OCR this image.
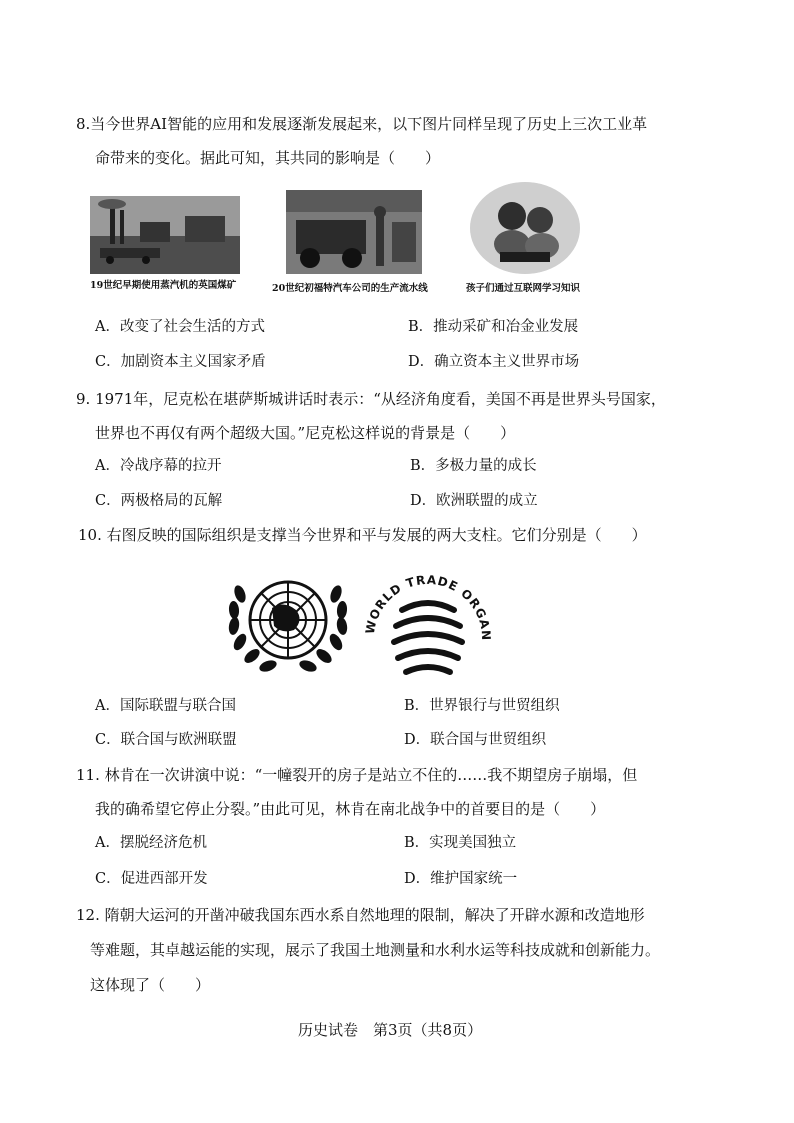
8.当今世界AI智能的应用和发展逐渐发展起来，以下图片同样呈现了历史上三次工业革
命带来的变化。据此可知，其共同的影响是（　　）
19世纪早期使用蒸汽机的英国煤矿	20世纪初福特汽车公司的生产流水线	孩子们通过互联网学习知识
A．改变了社会生活的方式	B．推动采矿和冶金业发展
C．加剧资本主义国家矛盾	D．确立资本主义世界市场
9. 1971年，尼克松在堪萨斯城讲话时表示：“从经济角度看，美国不再是世界头号国家，
世界也不再仅有两个超级大国。”尼克松这样说的背景是（　　）
A．冷战序幕的拉开	B．多极力量的成长
C．两极格局的瓦解	D．欧洲联盟的成立
10. 右图反映的国际组织是支撑当今世界和平与发展的两大支柱。它们分别是（　　）
WORLD TRADE ORGAN
A．国际联盟与联合国	B．世界银行与世贸组织
C．联合国与欧洲联盟	D．联合国与世贸组织
11. 林肯在一次讲演中说：“一幢裂开的房子是站立不住的……我不期望房子崩塌，但
我的确希望它停止分裂。”由此可见，林肯在南北战争中的首要目的是（　　）
A．摆脱经济危机	B．实现美国独立
C．促进西部开发	D．维护国家统一
12. 隋朝大运河的开凿冲破我国东西水系自然地理的限制，解决了开辟水源和改造地形
等难题，其卓越运能的实现，展示了我国土地测量和水利水运等科技成就和创新能力。
这体现了（　　）
历史试卷　第3页（共8页）
